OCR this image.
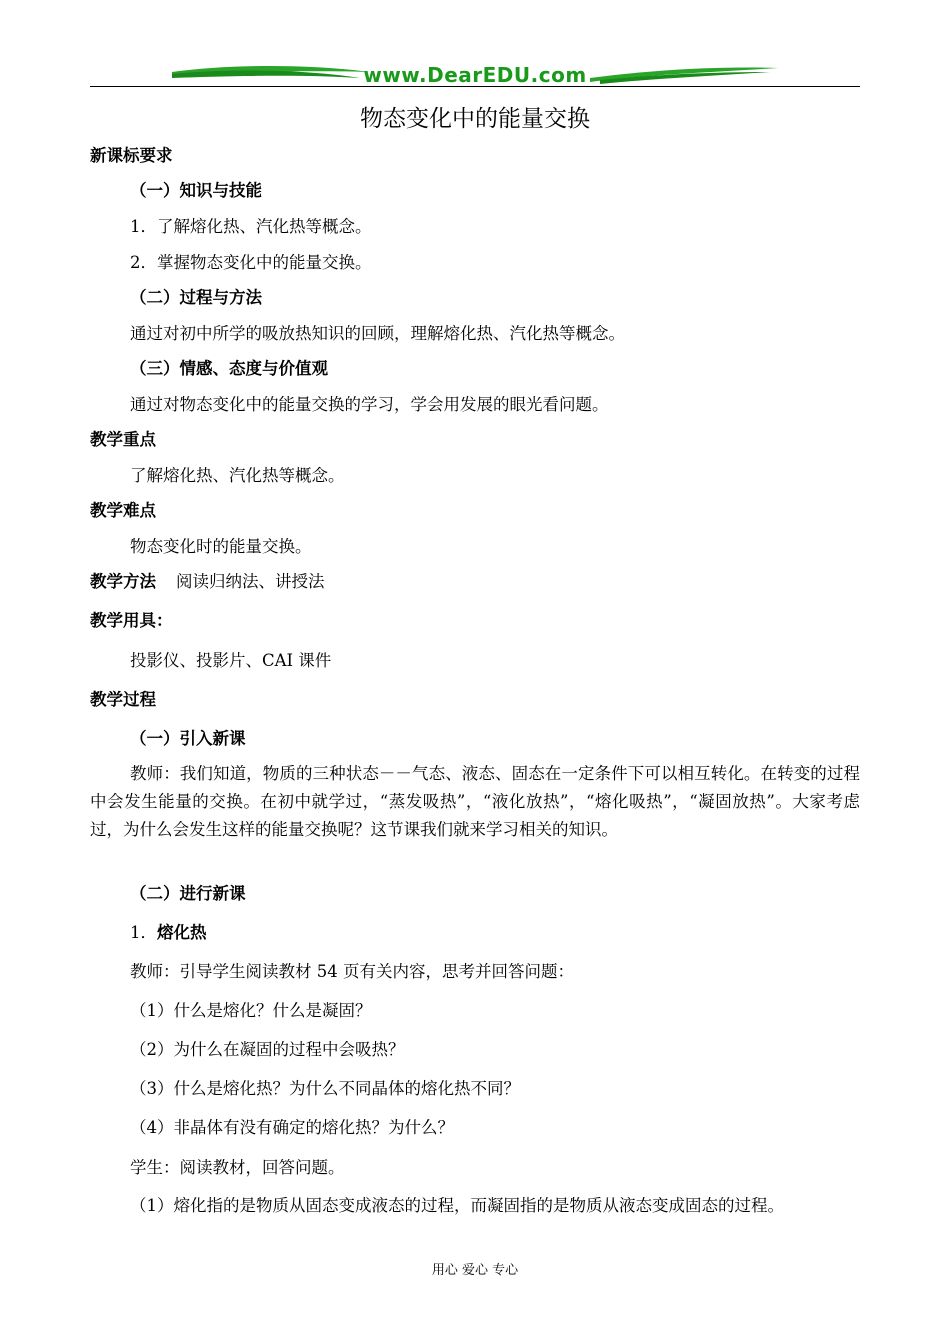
www.DearEDU.com
物态变化中的能量交换
新课标要求
（一）知识与技能
1．了解熔化热、汽化热等概念。
2．掌握物态变化中的能量交换。
（二）过程与方法
通过对初中所学的吸放热知识的回顾，理解熔化热、汽化热等概念。
（三）情感、态度与价值观
通过对物态变化中的能量交换的学习，学会用发展的眼光看问题。
教学重点
了解熔化热、汽化热等概念。
教学难点
物态变化时的能量交换。
教学方法 阅读归纳法、讲授法
教学用具：
投影仪、投影片、CAI 课件
教学过程
（一）引入新课
教师：我们知道，物质的三种状态－－气态、液态、固态在一定条件下可以相互转化。在转变的过程中会发生能量的交换。在初中就学过，“蒸发吸热”，“液化放热”，“熔化吸热”，“凝固放热”。大家考虑过，为什么会发生这样的能量交换呢？这节课我们就来学习相关的知识。
（二）进行新课
1．熔化热
教师：引导学生阅读教材 54 页有关内容，思考并回答问题：
（1）什么是熔化？什么是凝固？
（2）为什么在凝固的过程中会吸热？
（3）什么是熔化热？为什么不同晶体的熔化热不同？
（4）非晶体有没有确定的熔化热？为什么？
学生：阅读教材，回答问题。
（1）熔化指的是物质从固态变成液态的过程，而凝固指的是物质从液态变成固态的过程。
用心 爱心 专心
